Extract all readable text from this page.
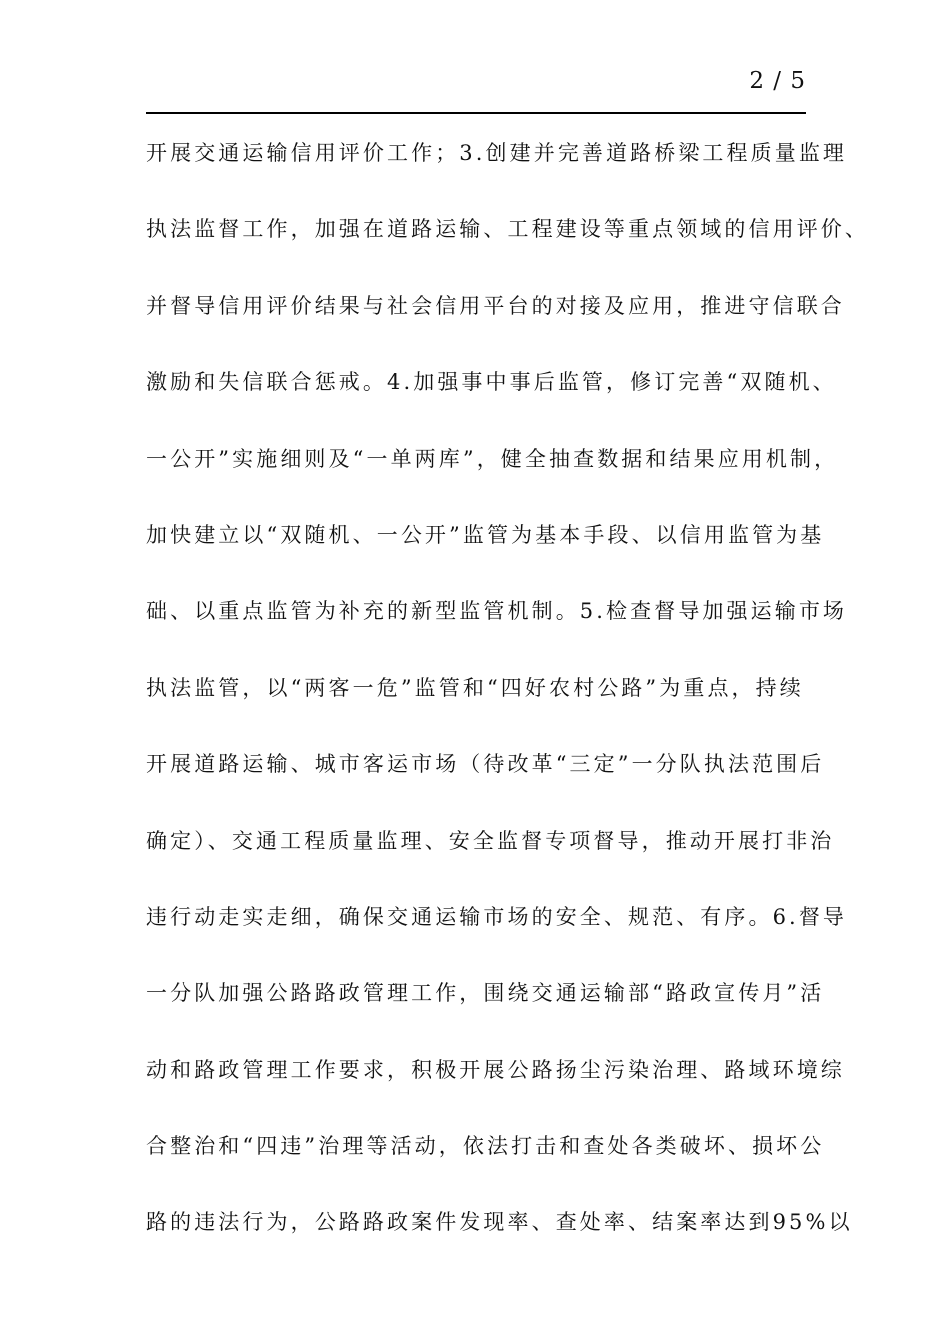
2 / 5
开展交通运输信用评价工作；3.创建并完善道路桥梁工程质量监理
执法监督工作，加强在道路运输、工程建设等重点领域的信用评价、
并督导信用评价结果与社会信用平台的对接及应用，推进守信联合
激励和失信联合惩戒。4.加强事中事后监管，修订完善“双随机、
一公开”实施细则及“一单两库”，健全抽查数据和结果应用机制，
加快建立以“双随机、一公开”监管为基本手段、以信用监管为基
础、以重点监管为补充的新型监管机制。5.检查督导加强运输市场
执法监管，以“两客一危”监管和“四好农村公路”为重点，持续
开展道路运输、城市客运市场（待改革“三定”一分队执法范围后
确定）、交通工程质量监理、安全监督专项督导，推动开展打非治
违行动走实走细，确保交通运输市场的安全、规范、有序。6.督导
一分队加强公路路政管理工作，围绕交通运输部“路政宣传月”活
动和路政管理工作要求，积极开展公路扬尘污染治理、路域环境综
合整治和“四违”治理等活动，依法打击和查处各类破坏、损坏公
路的违法行为，公路路政案件发现率、查处率、结案率达到95%以
